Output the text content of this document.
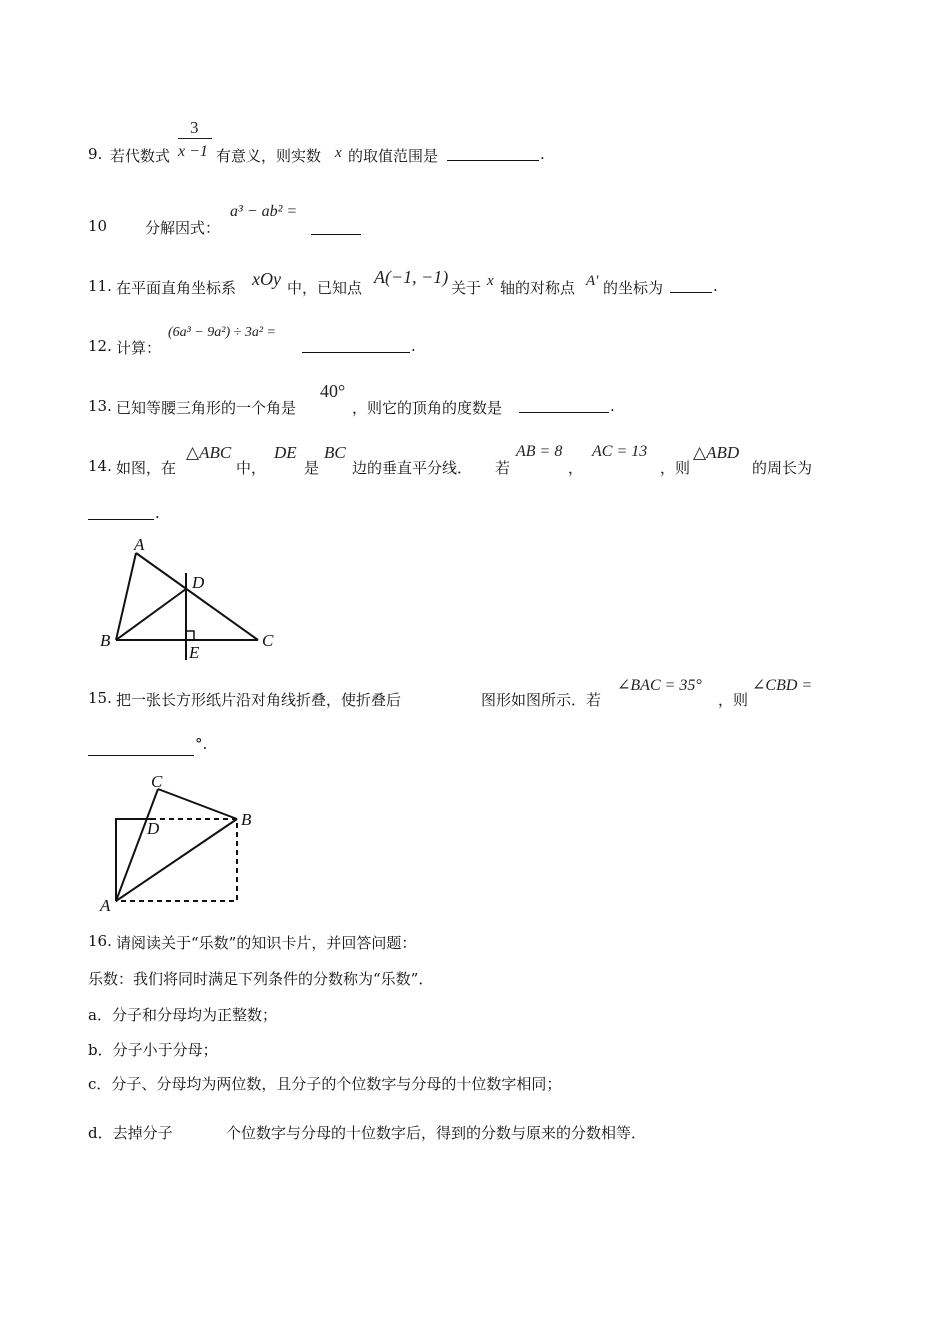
9. 若代数式
3
x −1 有意义，则实数 x 的取值范围是	.
10	分解因式：
a³ − ab² =
11. 在平面直角坐标系 xOy 中，已知点
A(−1, −1)
关于 x 轴的对称点 A′ 的坐标为	.
12. 计算：
(6a³ − 9a²) ÷ 3a² =
.
13. 已知等腰三角形的一个角是
40°
，则它的顶角的度数是	.
14. 如图，在
△ABC
中，
DE
是
BC
边的垂直平分线． 若
AB = 8
，
AC = 13
，则
△ABD
的周长为
.
A
B	C
D
E
15. 把一张长方形纸片沿对角线折叠，使折叠后	图形如图所示．若
∠BAC = 35°
，则
∠CBD =
°.
A
B
C
D
16. 请阅读关于“乐数”的知识卡片，并回答问题：
乐数：我们将同时满足下列条件的分数称为“乐数”．
a．分子和分母均为正整数；
b．分子小于分母；
c．分子、分母均为两位数，且分子的个位数字与分母的十位数字相同；
d．去掉分子	个位数字与分母的十位数字后，得到的分数与原来的分数相等．
